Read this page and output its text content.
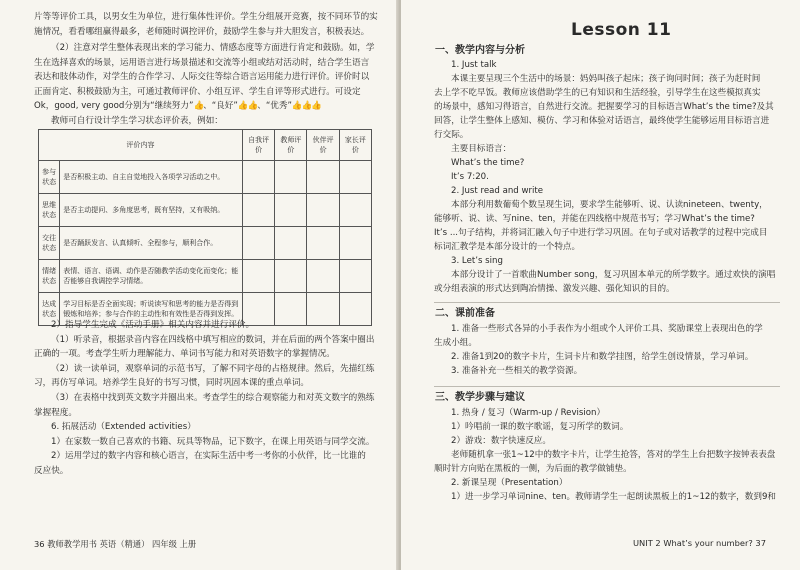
片等等评价工具，以男女生为单位，进行集体性评价。学生分组展开竞赛，按不同环节的实

施情况，看看哪组赢得最多，老师随时调控评价，鼓励学生参与并大胆发言，积极表达。

（2）注意对学生整体表现出来的学习能力、情感态度等方面进行肯定和鼓励。如，学

生在选择喜欢的场景，运用语言进行场景描述和交流等小组或结对活动时，结合学生语言

表达和肢体动作，对学生的合作学习、人际交往等综合语言运用能力进行评价。评价时以

正面肯定、积极鼓励为主，可通过教师评价、小组互评、学生自评等形式进行。可设定

Ok，good, very good分别为“继续努力”👍、“良好”👍👍、“优秀”👍👍👍

教师可自行设计学生学习状态评价表，例如：

评价内容		自我评价	教师评价	伙伴评价	家长评价
参与状态	是否积极主动、自主自觉地投入各项学习活动之中。				
思维状态	是否主动提问、多角度思考，既有坚持，又有吸纳。				
交往状态	是否踊跃发言、认真倾听、全程参与，顺利合作。				
情绪状态	表情、语言、语调、动作是否随教学活动变化而变化；能否能够自我调控学习情绪。				
达成状态	学习目标是否全面实现；听说读写和思考的能力是否得到锻炼和培养；参与合作的主动性和有效性是否得到发挥。				

2）指导学生完成《活动手册》相关内容并进行评价。

（1）听录音，根据录音内容在四线格中填写相应的数词，并在后面的两个答案中圈出

正确的一项。考查学生听力理解能力、单词书写能力和对英语数字的掌握情况。

（2）读一读单词，观察单词的示范书写，了解不同字母的占格规律。然后，先描红练

习，再仿写单词。培养学生良好的书写习惯，同时巩固本课的重点单词。

（3）在表格中找到英文数字并圈出来。考查学生的综合观察能力和对英文数字的熟练

掌握程度。

6. 拓展活动（Extended activities）

1）在家数一数自己喜欢的书籍、玩具等物品，记下数字，在课上用英语与同学交流。

2）运用学过的数字内容和核心语言，在实际生活中考一考你的小伙伴，比一比谁的

反应快。

36 教师教学用书 英语（精通） 四年级 上册
Lesson 11
一、教学内容与分析

1. Just talk

本课主要呈现三个生活中的场景：妈妈叫孩子起床；孩子询问时间；孩子为赶时间

去上学不吃早饭。教师应该借助学生的已有知识和生活经验，引导学生在这些模拟真实

的场景中，感知习得语言，自然进行交流。把握要学习的目标语言What’s the time?及其

回答，让学生整体上感知、模仿、学习和体验对话语言，最终使学生能够运用目标语言进

行交际。

主要目标语言：

What’s the time?

It’s 7:20.

2. Just read and write

本部分利用数葡萄个数呈现生词，要求学生能够听、说、认读nineteen、twenty，

能够听、说、读、写nine、ten，并能在四线格中规范书写；学习What’s the time?

It’s ...句子结构，并将词汇融入句子中进行学习巩固。在句子或对话教学的过程中完成目

标词汇教学是本部分设计的一个特点。

3. Let’s sing

本部分设计了一首歌曲Number song，复习巩固本单元的所学数字。通过欢快的演唱

或分组表演的形式达到陶冶情操、激发兴趣、强化知识的目的。

二、课前准备

1. 准备一些形式各异的小手表作为小组或个人评价工具、奖励课堂上表现出色的学

生成小组。

2. 准备1到20的数字卡片，生词卡片和数学挂图，给学生创设情景，学习单词。

3. 准备补充一些相关的教学资源。

三、教学步骤与建议

1. 热身 / 复习（Warm-up / Revision）

1）吟唱前一课的数字歌谣，复习所学的数词。

2）游戏：数字快速反应。

老师随机拿一张1~12中的数字卡片，让学生抢答，答对的学生上台把数字按钟表表盘

顺时针方向贴在黑板的一侧，为后面的教学做铺垫。

2. 新课呈现（Presentation）

1）进一步学习单词nine、ten。教师请学生一起朗读黑板上的1~12的数字，数到9和

UNIT 2 What’s your number? 37
